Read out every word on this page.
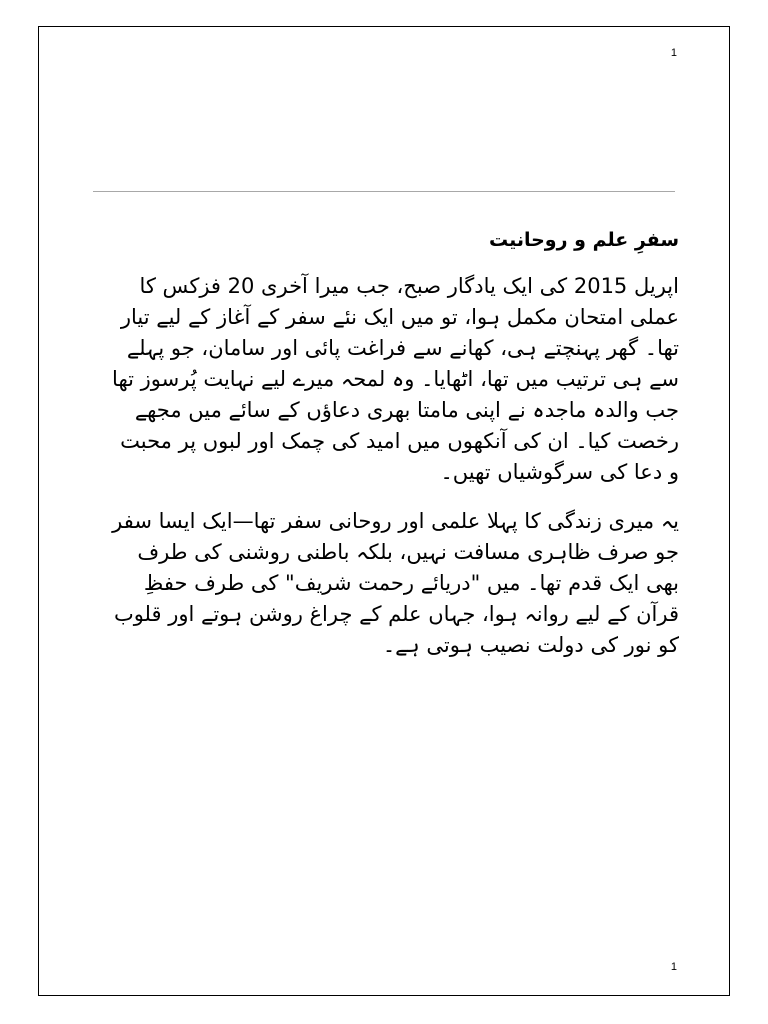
1
سفرِ علم و روحانیت

اپریل 2015 کی ایک یادگار صبح، جب میرا آخری 20 فزکس کا عملی امتحان مکمل ہوا، تو میں ایک نئے سفر کے آغاز کے لیے تیار تھا۔ گھر پہنچتے ہی، کھانے سے فراغت پائی اور سامان، جو پہلے سے ہی ترتیب میں تھا، اٹھایا۔ وہ لمحہ میرے لیے نہایت پُرسوز تھا جب والدہ ماجدہ نے اپنی مامتا بھری دعاؤں کے سائے میں مجھے رخصت کیا۔ ان کی آنکھوں میں امید کی چمک اور لبوں پر محبت و دعا کی سرگوشیاں تھیں۔

یہ میری زندگی کا پہلا علمی اور روحانی سفر تھا—ایک ایسا سفر جو صرف ظاہری مسافت نہیں، بلکہ باطنی روشنی کی طرف بھی ایک قدم تھا۔ میں "دریائے رحمت شریف" کی طرف حفظِ قرآن کے لیے روانہ ہوا، جہاں علم کے چراغ روشن ہوتے اور قلوب کو نور کی دولت نصیب ہوتی ہے۔

1
